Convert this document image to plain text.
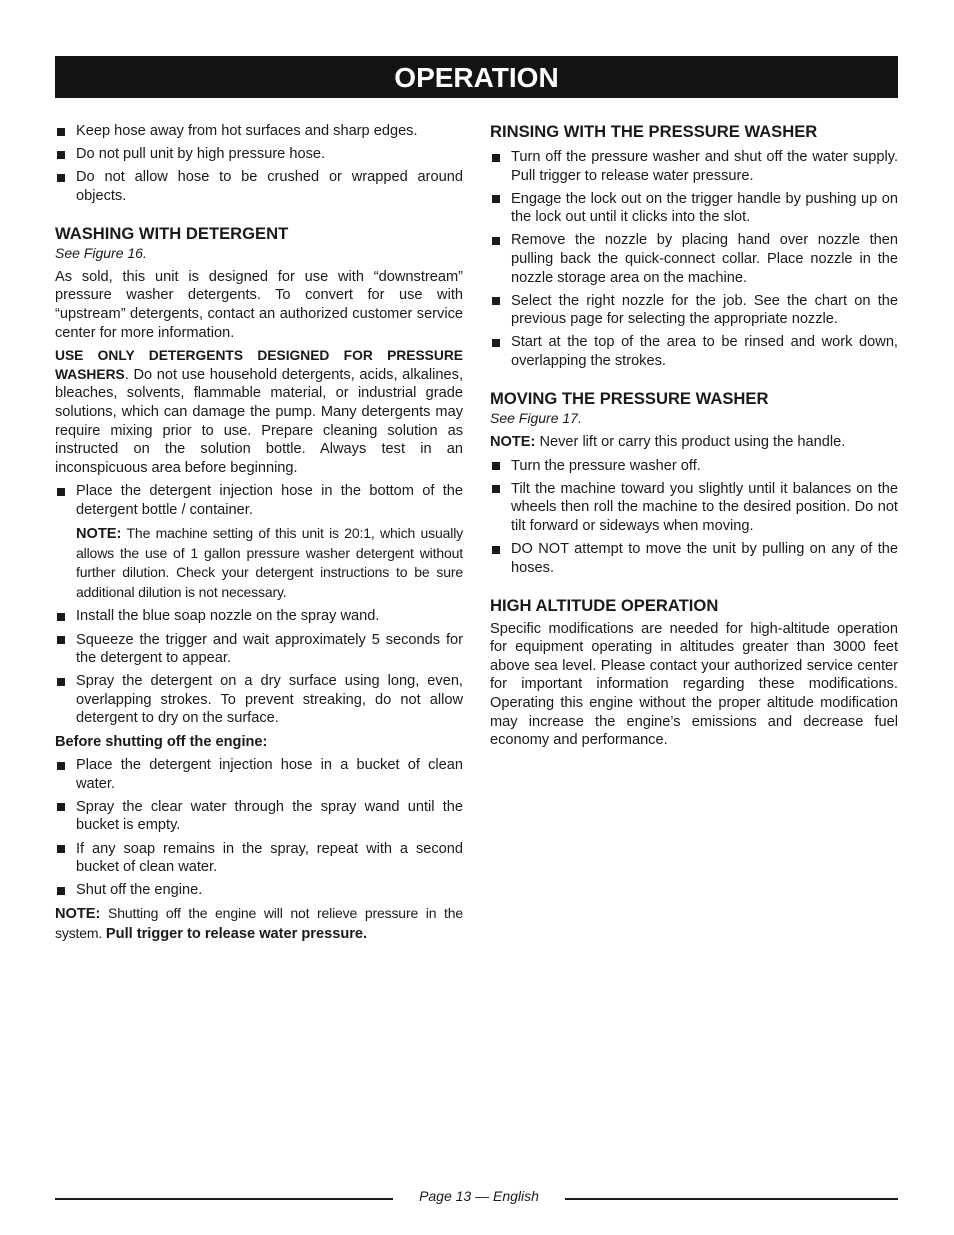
OPERATION
Keep hose away from hot surfaces and sharp edges.
Do not pull unit by high pressure hose.
Do not allow hose to be crushed or wrapped around objects.
WASHING WITH DETERGENT
See Figure 16.

As sold, this unit is designed for use with “downstream” pressure washer detergents. To convert for use with “upstream” detergents, contact an authorized customer service center for more information.

USE ONLY DETERGENTS DESIGNED FOR PRESSURE WASHERS. Do not use household detergents, acids, alkalines, bleaches, solvents, flammable material, or industrial grade solutions, which can damage the pump. Many detergents may require mixing prior to use. Prepare cleaning solution as instructed on the solution bottle. Always test in an inconspicuous area before beginning.

Place the detergent injection hose in the bottom of the detergent bottle / container.

NOTE: The machine setting of this unit is 20:1, which usually allows the use of 1 gallon pressure washer detergent without further dilution. Check your detergent instructions to be sure additional dilution is not necessary.

Install the blue soap nozzle on the spray wand.
Squeeze the trigger and wait approximately 5 seconds for the detergent to appear.
Spray the detergent on a dry surface using long, even, overlapping strokes. To prevent streaking, do not allow detergent to dry on the surface.

Before shutting off the engine:

Place the detergent injection hose in a bucket of clean water.
Spray the clear water through the spray wand until the bucket is empty.
If any soap remains in the spray, repeat with a second bucket of clean water.
Shut off the engine.

NOTE: Shutting off the engine will not relieve pressure in the system. Pull trigger to release water pressure.

RINSING WITH THE PRESSURE WASHER
Turn off the pressure washer and shut off the water supply. Pull trigger to release water pressure.
Engage the lock out on the trigger handle by pushing up on the lock out until it clicks into the slot.
Remove the nozzle by placing hand over nozzle then pulling back the quick-connect collar. Place nozzle in the nozzle storage area on the machine.
Select the right nozzle for the job. See the chart on the previous page for selecting the appropriate nozzle.
Start at the top of the area to be rinsed and work down, overlapping the strokes.
MOVING THE PRESSURE WASHER
See Figure 17.

NOTE: Never lift or carry this product using the handle.

Turn the pressure washer off.
Tilt the machine toward you slightly until it balances on the wheels then roll the machine to the desired position. Do not tilt forward or sideways when moving.
DO NOT attempt to move the unit by pulling on any of the hoses.
HIGH ALTITUDE OPERATION

Specific modifications are needed for high-altitude operation for equipment operating in altitudes greater than 3000 feet above sea level. Please contact your authorized service center for important information regarding these modifications. Operating this engine without the proper altitude modification may increase the engine’s emissions and decrease fuel economy and performance.

Page 13 — English
